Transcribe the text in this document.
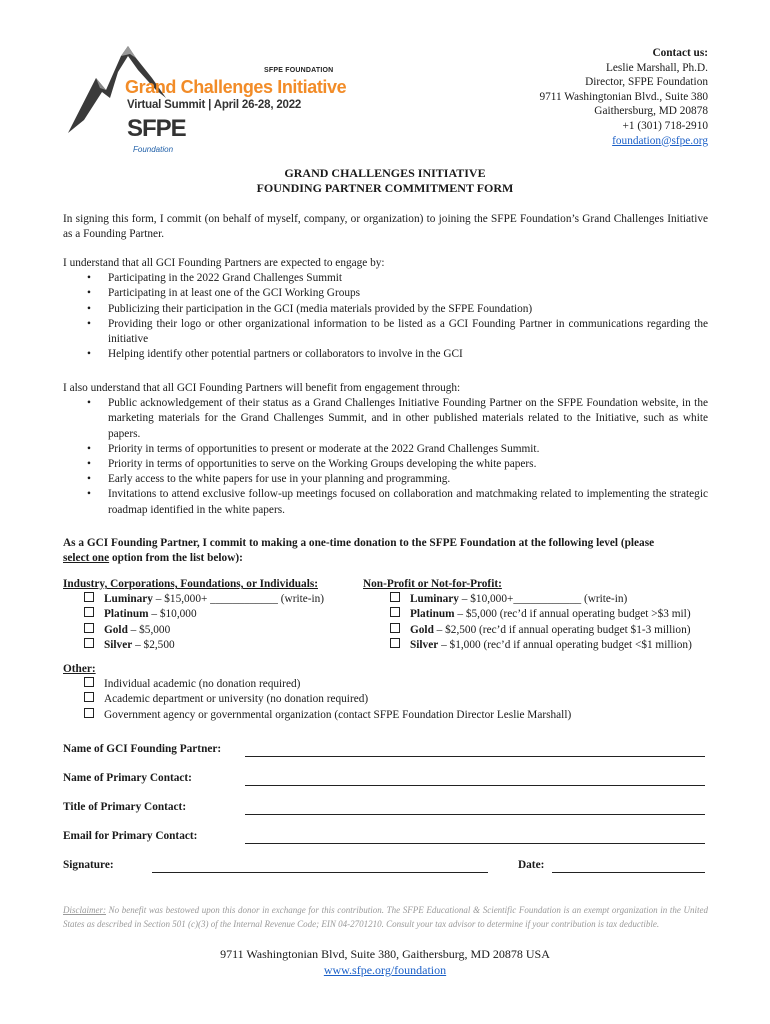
SFPE FOUNDATION
Grand Challenges Initiative
Virtual Summit | April 26-28, 2022
SFPE
Foundation
Contact us:
Leslie Marshall, Ph.D.
Director, SFPE Foundation
9711 Washingtonian Blvd., Suite 380
Gaithersburg, MD 20878
+1 (301) 718-2910
foundation@sfpe.org
GRAND CHALLENGES INITIATIVE
FOUNDING PARTNER COMMITMENT FORM
In signing this form, I commit (on behalf of myself, company, or organization) to joining the SFPE Foundation’s Grand Challenges Initiative as a Founding Partner.
I understand that all GCI Founding Partners are expected to engage by:
• Participating in the 2022 Grand Challenges Summit
• Participating in at least one of the GCI Working Groups
• Publicizing their participation in the GCI (media materials provided by the SFPE Foundation)
• Providing their logo or other organizational information to be listed as a GCI Founding Partner in communications regarding the initiative
• Helping identify other potential partners or collaborators to involve in the GCI
I also understand that all GCI Founding Partners will benefit from engagement through:
• Public acknowledgement of their status as a Grand Challenges Initiative Founding Partner on the SFPE Foundation website, in the marketing materials for the Grand Challenges Summit, and in other published materials related to the Initiative, such as white papers.
• Priority in terms of opportunities to present or moderate at the 2022 Grand Challenges Summit.
• Priority in terms of opportunities to serve on the Working Groups developing the white papers.
• Early access to the white papers for use in your planning and programming.
• Invitations to attend exclusive follow-up meetings focused on collaboration and matchmaking related to implementing the strategic roadmap identified in the white papers.
As a GCI Founding Partner, I commit to making a one-time donation to the SFPE Foundation at the following level (please
select one option from the list below):
Industry, Corporations, Foundations, or Individuals:
Luminary – $15,000+ ____________ (write-in)
Platinum – $10,000
Gold – $5,000
Silver – $2,500
Non-Profit or Not-for-Profit:
Luminary – $10,000+____________ (write-in)
Platinum – $5,000 (rec’d if annual operating budget >$3 mil)
Gold – $2,500 (rec’d if annual operating budget $1-3 million)
Silver – $1,000 (rec’d if annual operating budget <$1 million)
Other:
Individual academic (no donation required)
Academic department or university (no donation required)
Government agency or governmental organization (contact SFPE Foundation Director Leslie Marshall)
Name of GCI Founding Partner:
Name of Primary Contact:
Title of Primary Contact:
Email for Primary Contact:
Signature:	Date:
Disclaimer: No benefit was bestowed upon this donor in exchange for this contribution. The SFPE Educational & Scientific Foundation is an exempt organization in the United States as described in Section 501 (c)(3) of the Internal Revenue Code; EIN 04-2701210. Consult your tax advisor to determine if your contribution is tax deductible.
9711 Washingtonian Blvd, Suite 380, Gaithersburg, MD 20878 USA
www.sfpe.org/foundation
